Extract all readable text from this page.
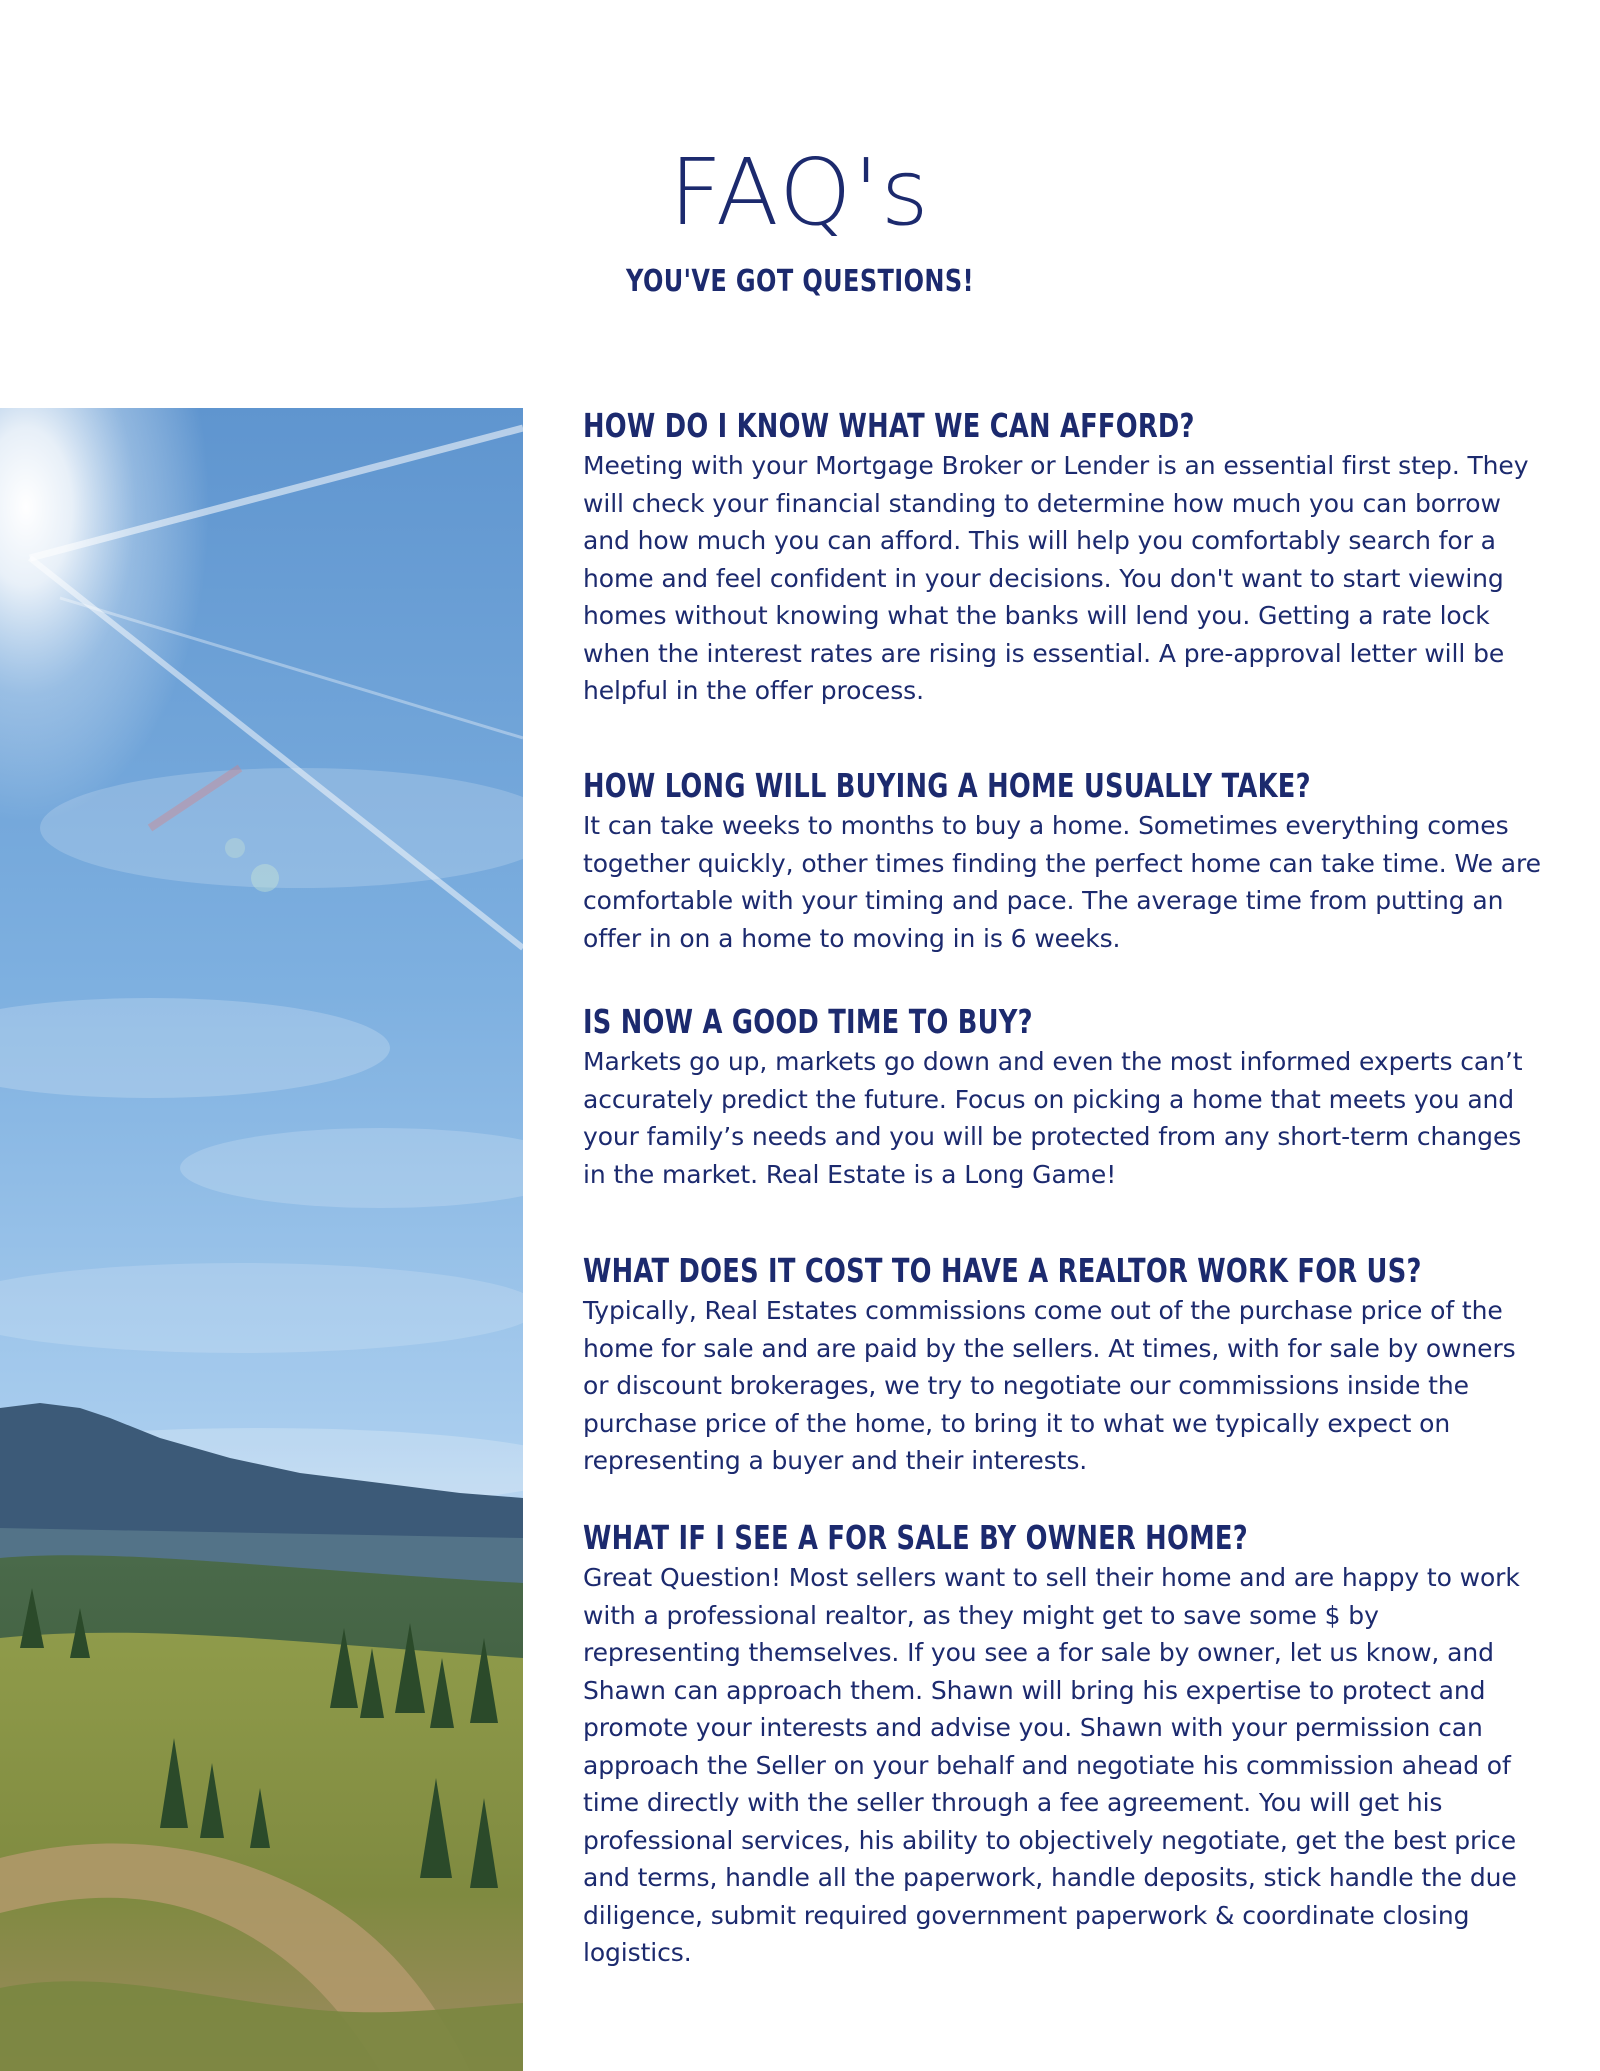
FAQ's
YOU'VE GOT QUESTIONS!
HOW DO I KNOW WHAT WE CAN AFFORD?

Meeting with your Mortgage Broker or Lender is an essential first step. They will check your financial standing to determine how much you can borrow and how much you can afford. This will help you comfortably search for a home and feel confident in your decisions. You don't want to start viewing homes without knowing what the banks will lend you. Getting a rate lock when the interest rates are rising is essential. A pre-approval letter will be helpful in the offer process.

HOW LONG WILL BUYING A HOME USUALLY TAKE?

It can take weeks to months to buy a home. Sometimes everything comes together quickly, other times finding the perfect home can take time. We are comfortable with your timing and pace. The average time from putting an offer in on a home to moving in is 6 weeks.

IS NOW A GOOD TIME TO BUY?

Markets go up, markets go down and even the most informed experts can’t accurately predict the future. Focus on picking a home that meets you and your family’s needs and you will be protected from any short-term changes in the market. Real Estate is a Long Game!

WHAT DOES IT COST TO HAVE A REALTOR WORK FOR US?

Typically, Real Estates commissions come out of the purchase price of the home for sale and are paid by the sellers. At times, with for sale by owners or discount brokerages, we try to negotiate our commissions inside the purchase price of the home, to bring it to what we typically expect on representing a buyer and their interests.

WHAT IF I SEE A FOR SALE BY OWNER HOME?

Great Question! Most sellers want to sell their home and are happy to work with a professional realtor, as they might get to save some $ by representing themselves. If you see a for sale by owner, let us know, and Shawn can approach them. Shawn will bring his expertise to protect and promote your interests and advise you. Shawn with your permission can approach the Seller on your behalf and negotiate his commission ahead of time directly with the seller through a fee agreement. You will get his professional services, his ability to objectively negotiate, get the best price and terms, handle all the paperwork, handle deposits, stick handle the due diligence, submit required government paperwork & coordinate closing logistics.
